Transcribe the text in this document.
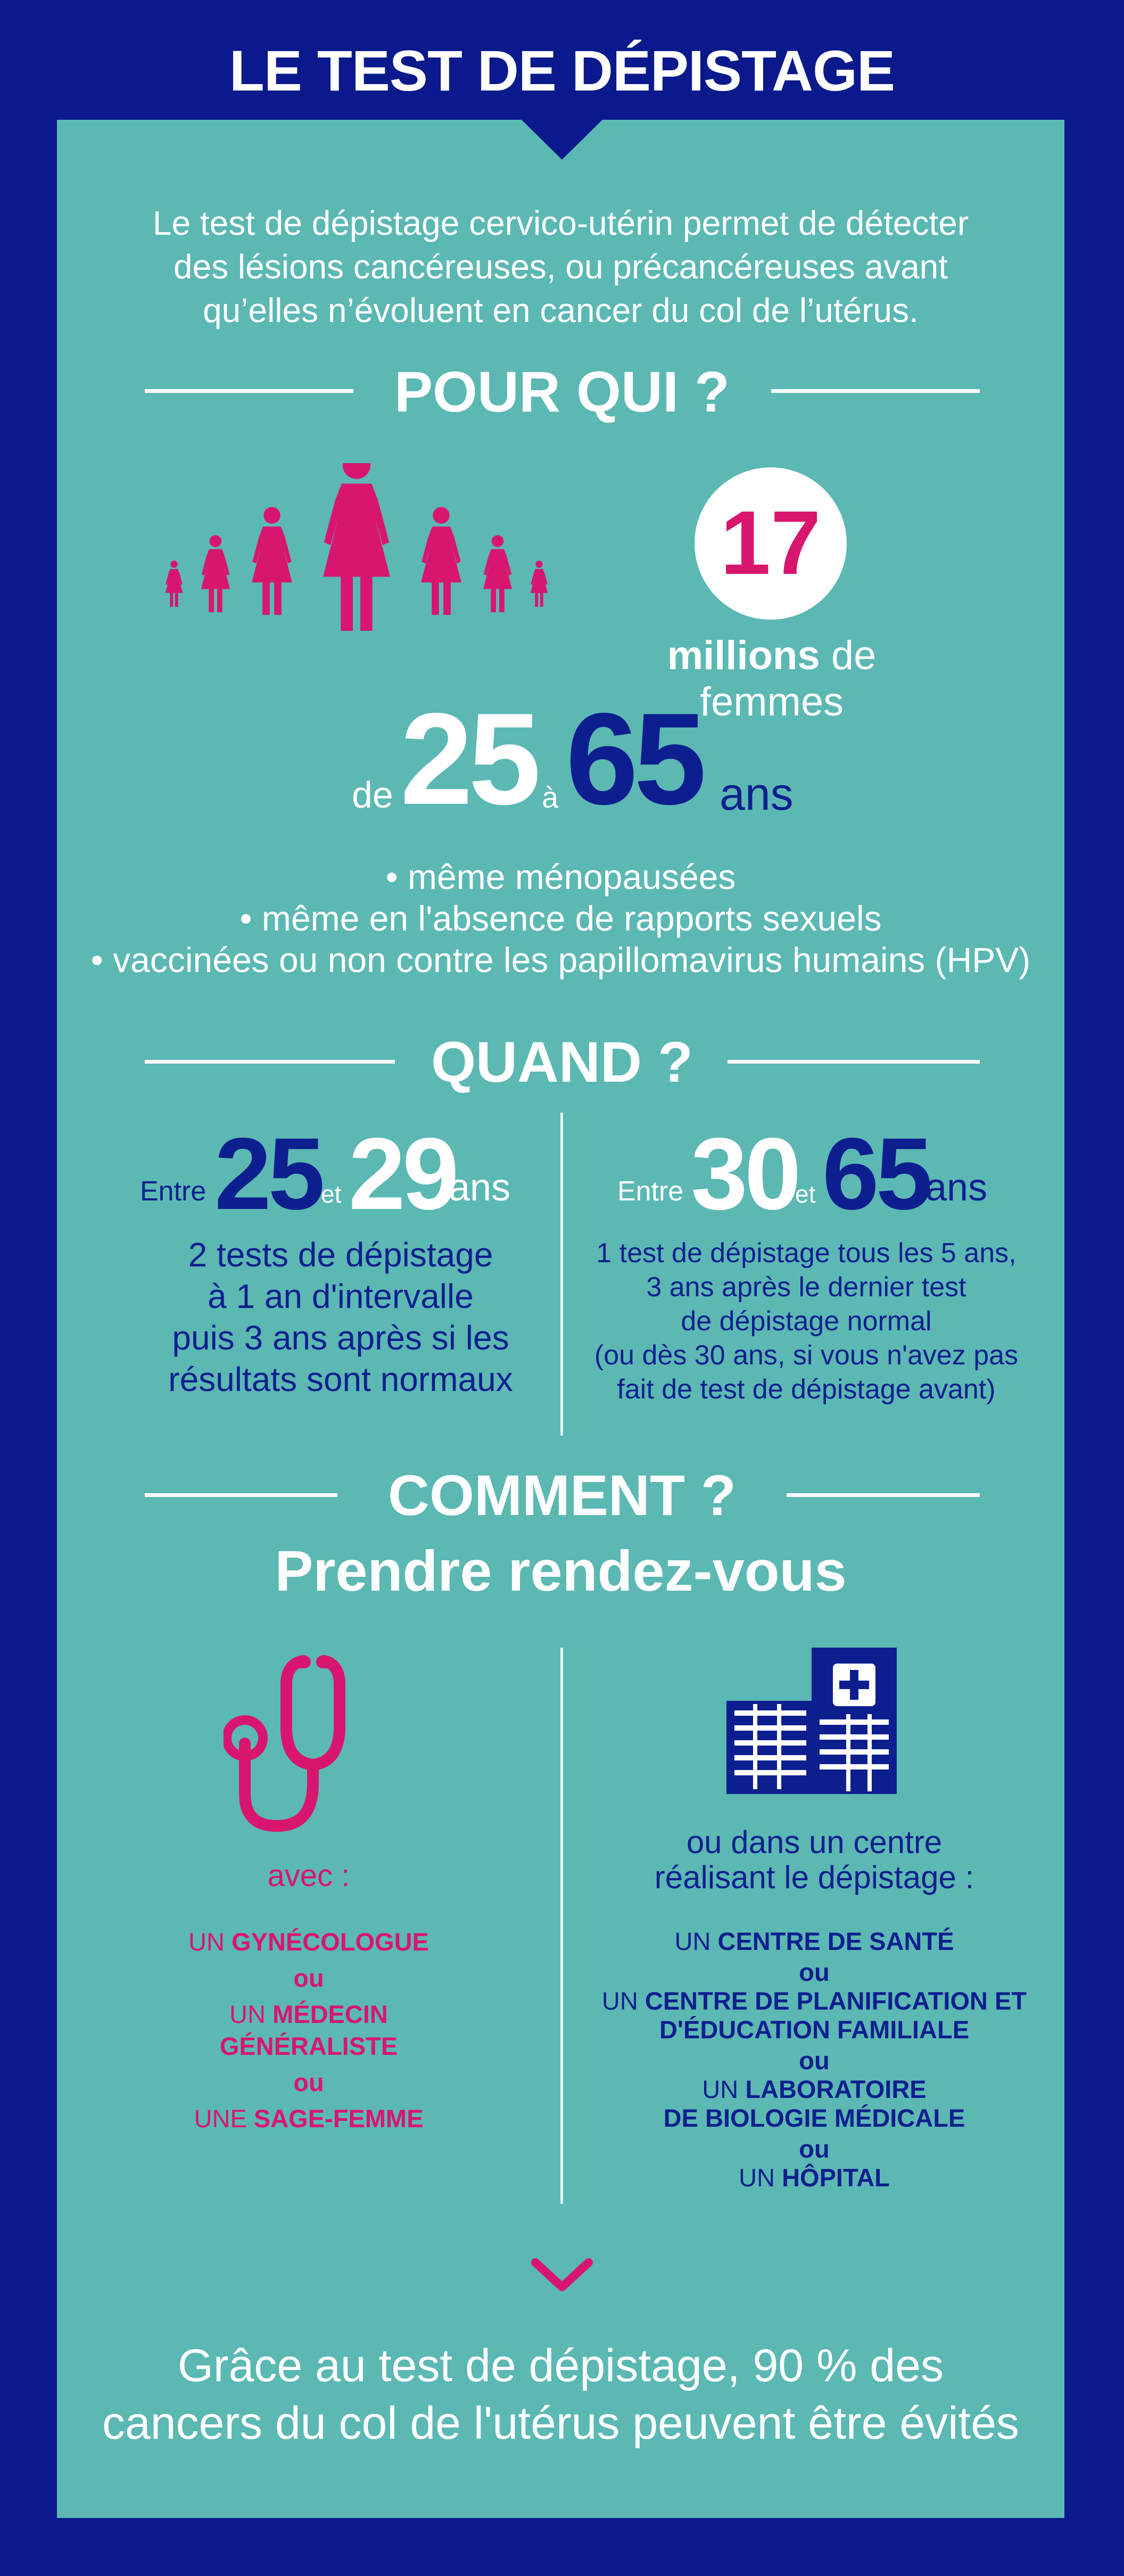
LE TEST DE DÉPISTAGE
Le test de dépistage cervico-utérin permet de détecter
des lésions cancéreuses, ou précancéreuses avant
qu’elles n’évoluent en cancer du col de l’utérus.
POUR QUI ?
17
millions de femmes
de 25 à 65 ans
• même ménopausées
• même en l'absence de rapports sexuels
• vaccinées ou non contre les papillomavirus humains (HPV)
QUAND ?
Entre 25
et 29
ans
2 tests de dépistage
à 1 an d'intervalle
puis 3 ans après si les
résultats sont normaux
Entre 30
et 65
ans
1 test de dépistage tous les 5 ans,
3 ans après le dernier test
de dépistage normal
(ou dès 30 ans, si vous n'avez pas
fait de test de dépistage avant)
COMMENT ?
Prendre rendez-vous
avec :
UN GYNÉCOLOGUE
ou
UN MÉDECIN
GÉNÉRALISTE
ou
UNE SAGE-FEMME
ou dans un centre
réalisant le dépistage :
UN CENTRE DE SANTÉ
ou
UN CENTRE DE PLANIFICATION ET
D'ÉDUCATION FAMILIALE
ou
UN LABORATOIRE
DE BIOLOGIE MÉDICALE
ou
UN HÔPITAL
Grâce au test de dépistage, 90 % des
cancers du col de l'utérus peuvent être évités
